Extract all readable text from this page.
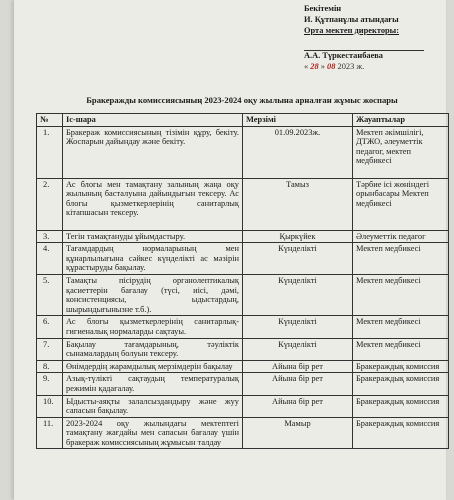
Бекітемін
И. Құтпанұлы атындағы
Орта мектеп директоры:
А.А. Түркестанбаева
« 28 » 08 2023 ж.
Бракеражды комиссиясының 2023-2024 оқу жылына арналған жұмыс жоспары
№	Іс-шара	Мерзімі	Жауаптылар
1.	Бракераж комиссиясының тізімін құру, бекіту. Жоспарын дайындау және бекіту.	01.09.2023ж.	Мектеп әкімшілігі, ДТЖО, әлеуметтік педагог, мектеп медбикесі
2.	Ас блогы мен тамақтану залының жаңа оқу жылының басталуына дайындығын тексеру. Ас блогы қызметкерлерінің санитарлық кітапшасын тексеру.	Тамыз	Тәрбие ісі жөніндегі орынбасары Мектеп медбикесі
3.	Тегін тамақтануды ұйымдастыру.	Қыркүйек	Әлеуметтік педагог
4.	Тағамдардың нормаларының мен құнарлылығына сәйкес күнделікті ас мәзірін құрастыруды бақылау.	Күнделікті	Мектеп медбикесі
5.	Тамақты пісірудің органолептикалық қасиеттерін бағалау (түсі, иісі, дәмі, консистенциясы, ыдыстардың, шырындығынызне т.б.).	Күнделікті	Мектеп медбикесі
6.	Ас блогы қызметкерлерінің санитарлық-гигиеналық нормаларды сақтауы.	Күнделікті	Мектеп медбикесі
7.	Бақылау тағамдарының, тәуліктік сынамалардың болуын тексеру.	Күнделікті	Мектеп медбикесі
8.	Өнімдердің жарамдылық мерзімдерін бақылау	Айына бір рет	Бракераждық комиссия
9.	Азық-түлікті сақтаудың температуралық режимін қадағалау.	Айына бір рет	Бракераждық комиссия
10.	Ыдысты-аяқты залалсыздандыру және жуу сапасын бақылау.	Айына бір рет	Бракераждық комиссия
11.	2023-2024 оқу жылындағы мектептегі тамақтану жағдайы мен сапасын бағалау үшін бракераж комиссиясының жұмысын талдау	Мамыр	Бракераждық комиссия
